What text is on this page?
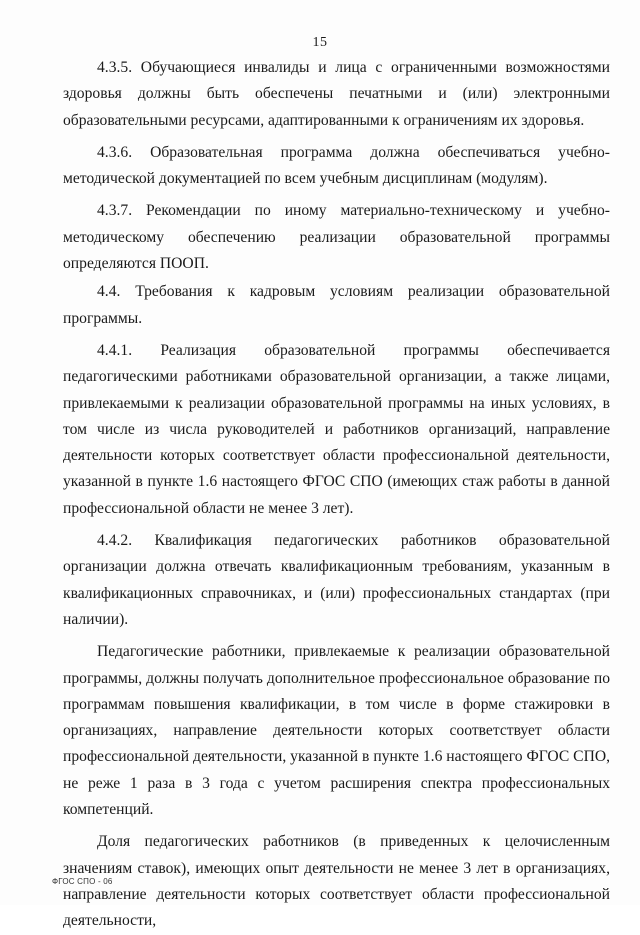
15

4.3.5. Обучающиеся инвалиды и лица с ограниченными возможностями здоровья должны быть обеспечены печатными и (или) электронными образовательными ресурсами, адаптированными к ограничениям их здоровья.

4.3.6. Образовательная программа должна обеспечиваться учебно-методической документацией по всем учебным дисциплинам (модулям).

4.3.7. Рекомендации по иному материально-техническому и учебно-методическому обеспечению реализации образовательной программы определяются ПООП.

4.4. Требования к кадровым условиям реализации образовательной программы.

4.4.1. Реализация образовательной программы обеспечивается педагогическими работниками образовательной организации, а также лицами, привлекаемыми к реализации образовательной программы на иных условиях, в том числе из числа руководителей и работников организаций, направление деятельности которых соответствует области профессиональной деятельности, указанной в пункте 1.6 настоящего ФГОС СПО (имеющих стаж работы в данной профессиональной области не менее 3 лет).

4.4.2. Квалификация педагогических работников образовательной организации должна отвечать квалификационным требованиям, указанным в квалификационных справочниках, и (или) профессиональных стандартах (при наличии).

Педагогические работники, привлекаемые к реализации образовательной программы, должны получать дополнительное профессиональное образование по программам повышения квалификации, в том числе в форме стажировки в организациях, направление деятельности которых соответствует области профессиональной деятельности, указанной в пункте 1.6 настоящего ФГОС СПО, не реже 1 раза в 3 года с учетом расширения спектра профессиональных компетенций.

Доля педагогических работников (в приведенных к целочисленным значениям ставок), имеющих опыт деятельности не менее 3 лет в организациях, направление деятельности которых соответствует области профессиональной деятельности,

ФГОС СПО - 06
